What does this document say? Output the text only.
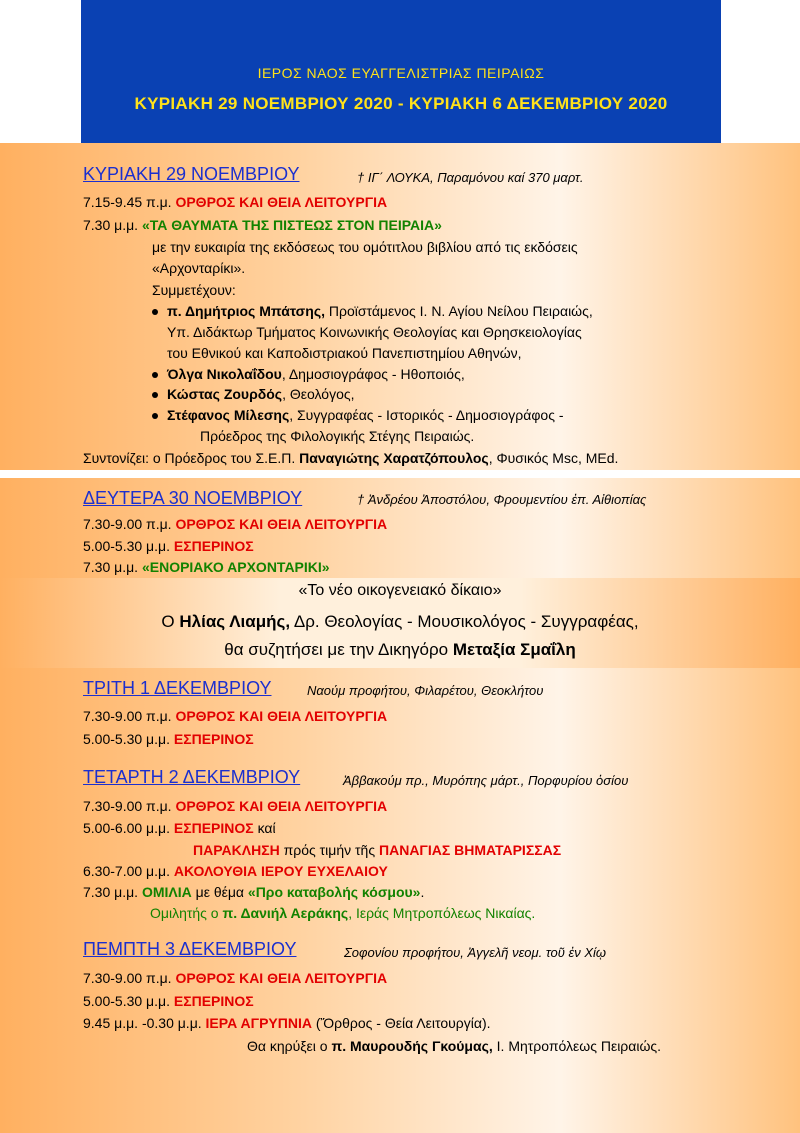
ΙΕΡΟΣ ΝΑΟΣ ΕΥΑΓΓΕΛΙΣΤΡΙΑΣ ΠΕΙΡΑΙΩΣ
ΚΥΡΙΑΚΗ 29 ΝΟΕΜΒΡΙΟΥ 2020 - ΚΥΡΙΑΚΗ 6 ΔΕΚΕΜΒΡΙΟΥ 2020
ΚΥΡΙΑΚΗ 29 ΝΟΕΜΒΡΙΟΥ	† ΙΓ΄ ΛΟΥΚΑ, Παραμόνου καί 370 μαρτ.
7.15-9.45 π.μ. ΟΡΘΡΟΣ ΚΑΙ ΘΕΙΑ ΛΕΙΤΟΥΡΓΙΑ
7.30 μ.μ. «ΤΑ ΘΑΥΜΑΤΑ ΤΗΣ ΠΙΣΤΕΩΣ ΣΤΟΝ ΠΕΙΡΑΙΑ»
με την ευκαιρία της εκδόσεως του ομότιτλου βιβλίου από τις εκδόσεις
«Αρχονταρίκι».
Συμμετέχουν:
π. Δημήτριος Μπάτσης, Προϊστάμενος Ι. Ν. Αγίου Νείλου Πειραιώς,
Υπ. Διδάκτωρ Τμήματος Κοινωνικής Θεολογίας και Θρησκειολογίας
του Εθνικού και Καποδιστριακού Πανεπιστημίου Αθηνών,
Όλγα Νικολαΐδου, Δημοσιογράφος - Ηθοποιός,
Κώστας Ζουρδός, Θεολόγος,
Στέφανος Μίλεσης, Συγγραφέας - Ιστορικός - Δημοσιογράφος -
Πρόεδρος της Φιλολογικής Στέγης Πειραιώς.
Συντονίζει: ο Πρόεδρος του Σ.Ε.Π. Παναγιώτης Χαρατζόπουλος, Φυσικός Msc, MEd.
ΔΕΥΤΕΡΑ 30 ΝΟΕΜΒΡΙΟΥ	† Ἀνδρέου Ἀποστόλου, Φρουμεντίου ἐπ. Αἰθιοπίας
7.30-9.00 π.μ. ΟΡΘΡΟΣ ΚΑΙ ΘΕΙΑ ΛΕΙΤΟΥΡΓΙΑ
5.00-5.30 μ.μ. ΕΣΠΕΡΙΝΟΣ
7.30 μ.μ. «ΕΝΟΡΙΑΚΟ ΑΡΧΟΝΤΑΡΙΚΙ»
«Το νέο οικογενειακό δίκαιο»
Ο Ηλίας Λιαμής, Δρ. Θεολογίας - Μουσικολόγος - Συγγραφέας,
θα συζητήσει με την Δικηγόρο Μεταξία Σμαΐλη
ΤΡΙΤΗ 1 ΔΕΚΕΜΒΡΙΟΥ	Ναούμ προφήτου, Φιλαρέτου, Θεοκλήτου
7.30-9.00 π.μ. ΟΡΘΡΟΣ ΚΑΙ ΘΕΙΑ ΛΕΙΤΟΥΡΓΙΑ
5.00-5.30 μ.μ. ΕΣΠΕΡΙΝΟΣ
ΤΕΤΑΡΤΗ 2 ΔΕΚΕΜΒΡΙΟΥ	Ἀββακούμ πρ., Μυρόπης μάρτ., Πορφυρίου ὁσίου
7.30-9.00 π.μ. ΟΡΘΡΟΣ ΚΑΙ ΘΕΙΑ ΛΕΙΤΟΥΡΓΙΑ
5.00-6.00 μ.μ. ΕΣΠΕΡΙΝΟΣ καί
ΠΑΡΑΚΛΗΣΗ πρός τιμήν τῆς ΠΑΝΑΓΙΑΣ ΒΗΜΑΤΑΡΙΣΣΑΣ
6.30-7.00 μ.μ. ΑΚΟΛΟΥΘΙΑ ΙΕΡΟΥ ΕΥΧΕΛΑΙΟΥ
7.30 μ.μ. ΟΜΙΛΙΑ με θέμα «Προ καταβολής κόσμου».
Ομιλητής ο π. Δανιήλ Αεράκης, Ιεράς Μητροπόλεως Νικαίας.
ΠΕΜΠΤΗ 3 ΔΕΚΕΜΒΡΙΟΥ	Σοφονίου προφήτου, Ἀγγελῆ νεομ. τοῦ ἐν Χίῳ
7.30-9.00 π.μ. ΟΡΘΡΟΣ ΚΑΙ ΘΕΙΑ ΛΕΙΤΟΥΡΓΙΑ
5.00-5.30 μ.μ. ΕΣΠΕΡΙΝΟΣ
9.45 μ.μ. -0.30 μ.μ. ΙΕΡΑ ΑΓΡΥΠΝΙΑ (Ὄρθρος - Θεία Λειτουργία).
Θα κηρύξει ο π. Μαυρουδής Γκούμας, Ι. Μητροπόλεως Πειραιώς.
